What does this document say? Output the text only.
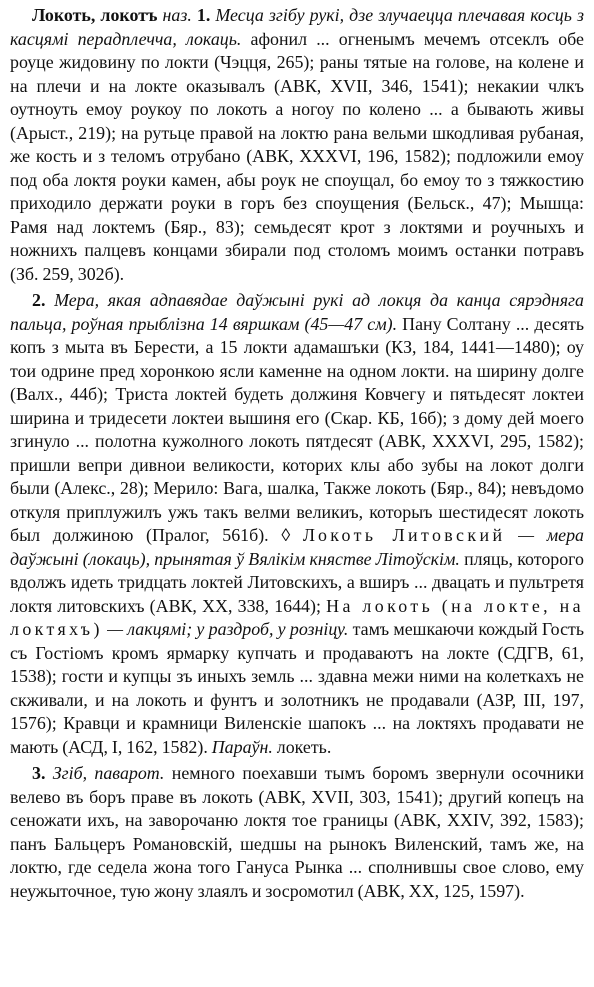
Локоть, локотъ наз. 1. Месца згібу рукі, дзе злучаецца плечавая косць з касцямі перадплечча, локаць. афонил ... огненымъ мечемъ отсеклъ обе роуце жидовину по локти (Чэцця, 265); раны тятые на голове, на колене и на плечи и на локте оказывалъ (АВК, XVII, 346, 1541); некакии члкъ оутноуть емоу роукоу по локоть а ногоу по колено ... а бывають живы (Арыст., 219); на рутьце правой на локтю рана вельми шкодливая рубаная, же кость и з теломъ отрубано (АВК, XXXVI, 196, 1582); подложили емоу под оба локтя роуки камен, абы роук не споущал, бо емоу то з тяжкостию приходило держати роуки в горъ без споущения (Бельск., 47); Мышца: Рамя над локтемъ (Бяр., 83); семьдесят крот з локтями и роучныхъ и ножнихъ палцевъ концами збирали под столомъ моимъ останки потравъ (Зб. 259, 302б).

2. Мера, якая адпавядае даўжыні рукі ад локця да канца сярэдняга пальца, роўная прыблізна 14 вяршкам (45—47 см). Пану Солтану ... десять копъ з мыта въ Берести, а 15 локти адамашъки (КЗ, 184, 1441—1480); оу тои одрине пред хоронкою ясли каменне на одном локти. на ширину долге (Валх., 44б); Триста локтей будеть должиня Ковчегу и пятьдесят локтеи ширина и тридесети локтеи вышиня его (Скар. КБ, 16б); з дому дей моего згинуло ... полотна кужолного локоть пятдесят (АВК, XXXVI, 295, 1582); пришли вепри дивнои великости, которих клы або зубы на локот долги были (Алекс., 28); Мерило: Вага, шалка, Также локоть (Бяр., 84); невъдомо откуля приплужилъ ужъ такъ велми великиъ, которыъ шестидесят локоть был должиною (Пралог, 561б). ◊ Локоть Литовский — мера даўжыні (локаць), прынятая ў Вялікім княстве Літоўскім. пляць, которого вдолжъ идеть тридцать локтей Литовскихъ, а вширъ ... двацать и пультретя локтя литовскихъ (АВК, XX, 338, 1644); На локоть (на локте, на локтяхъ) — лакцямі; у раздроб, у розніцу. тамъ мешкаючи кождый Гость съ Гостiомъ кромъ ярмарку купчать и продаваютъ на локте (СДГВ, 61, 1538); гости и купцы зъ иныхъ земль ... здавна межи ними на колеткахъ не скживали, и на локоть и фунтъ и золотникъ не продавали (АЗР, III, 197, 1576); Кравци и крамници Виленскіе шапокъ ... на локтяхъ продавати не мають (АСД, I, 162, 1582). Параўн. локеть.

3. Згіб, паварот. немного поехавши тымъ боромъ звернули осочники велево въ боръ праве въ локоть (АВК, XVII, 303, 1541); другий копецъ на сеножати ихъ, на заворочаню локтя тое границы (АВК, XXIV, 392, 1583); панъ Бальцеръ Романовскій, шедшы на рынокъ Виленский, тамъ же, на локтю, где седела жона того Гануса Рынка ... сполнившы свое слово, ему неужыточное, тую жону злаялъ и зосромотил (АВК, XX, 125, 1597).
